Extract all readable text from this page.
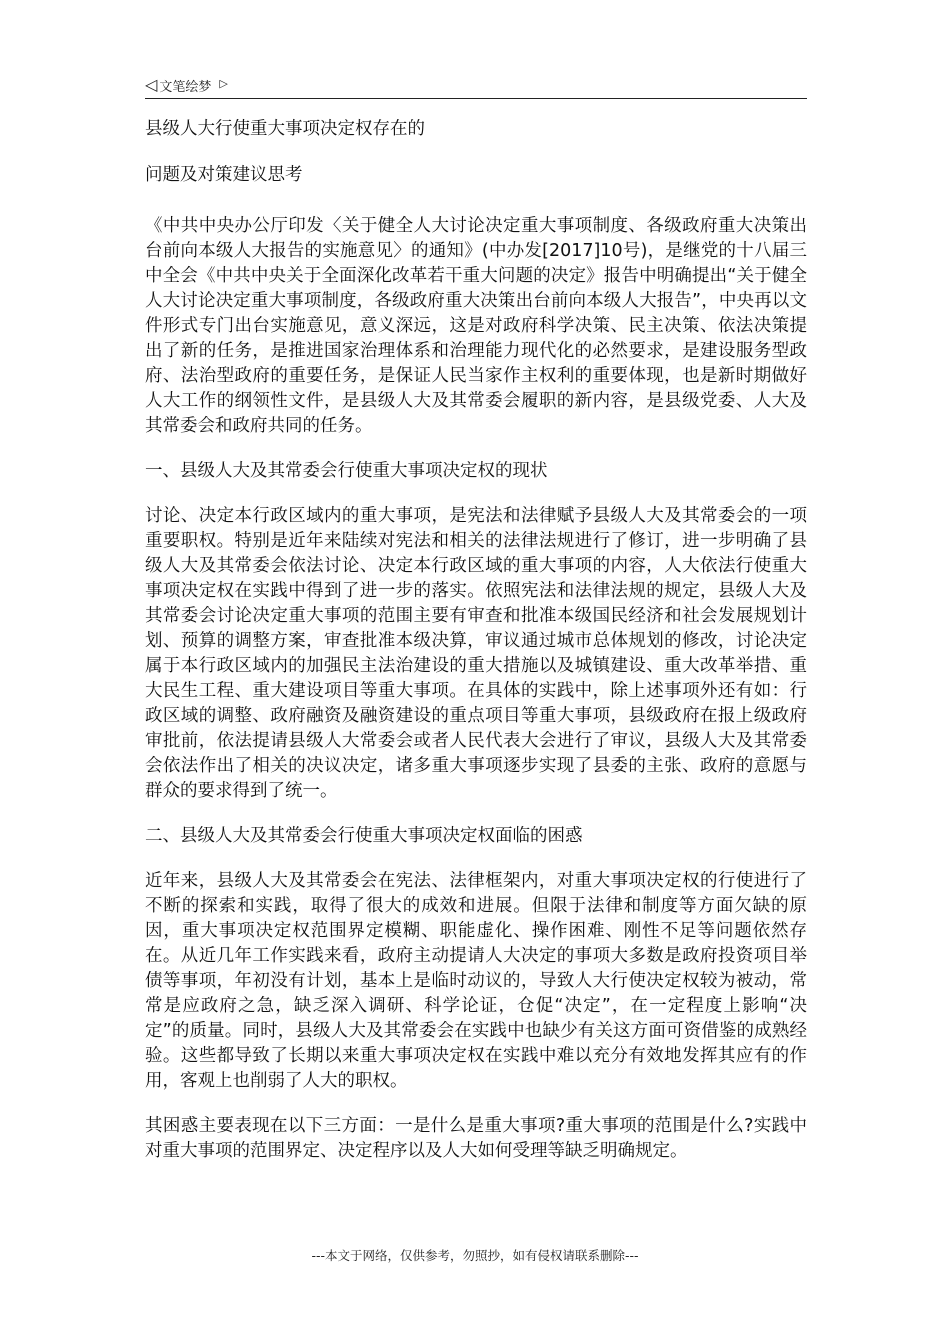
◁ 文笔绘梦 ▷

县级人大行使重大事项决定权存在的

问题及对策建议思考

《中共中央办公厅印发〈关于健全人大讨论决定重大事项制度、各级政府重大决策出台前向本级人大报告的实施意见〉的通知》(中办发[2017]10号)，是继党的十八届三中全会《中共中央关于全面深化改革若干重大问题的决定》报告中明确提出“关于健全人大讨论决定重大事项制度，各级政府重大决策出台前向本级人大报告”，中央再以文件形式专门出台实施意见，意义深远，这是对政府科学决策、民主决策、依法决策提出了新的任务，是推进国家治理体系和治理能力现代化的必然要求，是建设服务型政府、法治型政府的重要任务，是保证人民当家作主权利的重要体现，也是新时期做好人大工作的纲领性文件，是县级人大及其常委会履职的新内容，是县级党委、人大及其常委会和政府共同的任务。

一、县级人大及其常委会行使重大事项决定权的现状

讨论、决定本行政区域内的重大事项，是宪法和法律赋予县级人大及其常委会的一项重要职权。特别是近年来陆续对宪法和相关的法律法规进行了修订，进一步明确了县级人大及其常委会依法讨论、决定本行政区域的重大事项的内容，人大依法行使重大事项决定权在实践中得到了进一步的落实。依照宪法和法律法规的规定，县级人大及其常委会讨论决定重大事项的范围主要有审查和批准本级国民经济和社会发展规划计划、预算的调整方案，审查批准本级决算，审议通过城市总体规划的修改，讨论决定属于本行政区域内的加强民主法治建设的重大措施以及城镇建设、重大改革举措、重大民生工程、重大建设项目等重大事项。在具体的实践中，除上述事项外还有如：行政区域的调整、政府融资及融资建设的重点项目等重大事项，县级政府在报上级政府审批前，依法提请县级人大常委会或者人民代表大会进行了审议，县级人大及其常委会依法作出了相关的决议决定，诸多重大事项逐步实现了县委的主张、政府的意愿与群众的要求得到了统一。

二、县级人大及其常委会行使重大事项决定权面临的困惑

近年来，县级人大及其常委会在宪法、法律框架内，对重大事项决定权的行使进行了不断的探索和实践，取得了很大的成效和进展。但限于法律和制度等方面欠缺的原因，重大事项决定权范围界定模糊、职能虚化、操作困难、刚性不足等问题依然存在。从近几年工作实践来看，政府主动提请人大决定的事项大多数是政府投资项目举债等事项，年初没有计划，基本上是临时动议的，导致人大行使决定权较为被动，常常是应政府之急，缺乏深入调研、科学论证，仓促“决定”，在一定程度上影响“决定”的质量。同时，县级人大及其常委会在实践中也缺少有关这方面可资借鉴的成熟经验。这些都导致了长期以来重大事项决定权在实践中难以充分有效地发挥其应有的作用，客观上也削弱了人大的职权。

其困惑主要表现在以下三方面：一是什么是重大事项?重大事项的范围是什么?实践中对重大事项的范围界定、决定程序以及人大如何受理等缺乏明确规定。

---本文于网络，仅供参考，勿照抄，如有侵权请联系删除---
